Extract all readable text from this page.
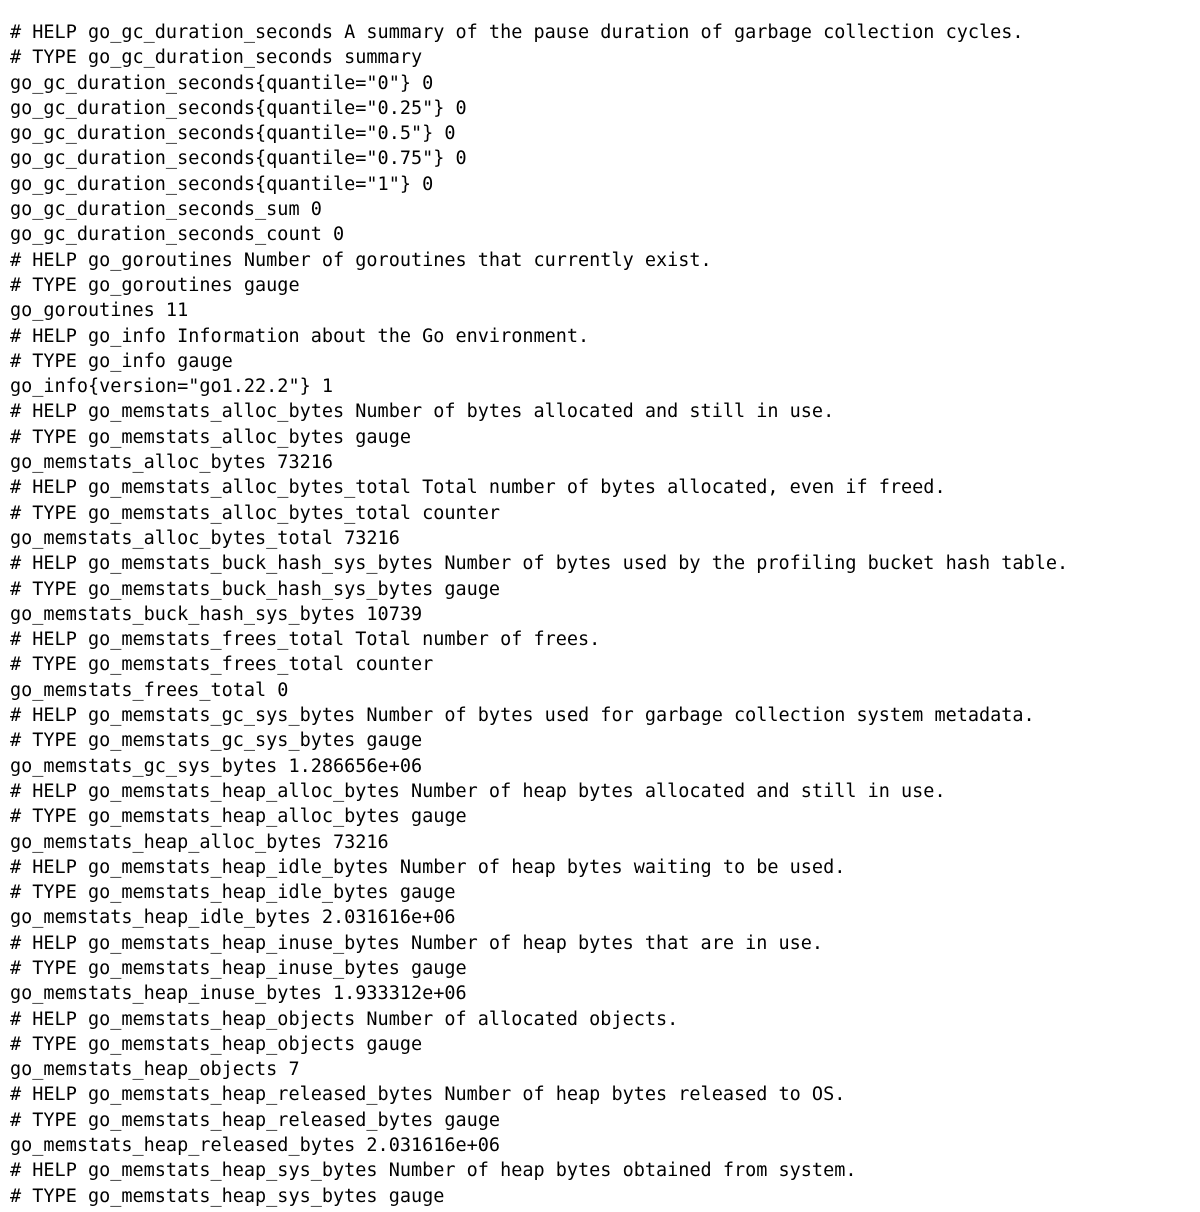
# HELP go_gc_duration_seconds A summary of the pause duration of garbage collection cycles.
# TYPE go_gc_duration_seconds summary
go_gc_duration_seconds{quantile="0"} 0
go_gc_duration_seconds{quantile="0.25"} 0
go_gc_duration_seconds{quantile="0.5"} 0
go_gc_duration_seconds{quantile="0.75"} 0
go_gc_duration_seconds{quantile="1"} 0
go_gc_duration_seconds_sum 0
go_gc_duration_seconds_count 0
# HELP go_goroutines Number of goroutines that currently exist.
# TYPE go_goroutines gauge
go_goroutines 11
# HELP go_info Information about the Go environment.
# TYPE go_info gauge
go_info{version="go1.22.2"} 1
# HELP go_memstats_alloc_bytes Number of bytes allocated and still in use.
# TYPE go_memstats_alloc_bytes gauge
go_memstats_alloc_bytes 73216
# HELP go_memstats_alloc_bytes_total Total number of bytes allocated, even if freed.
# TYPE go_memstats_alloc_bytes_total counter
go_memstats_alloc_bytes_total 73216
# HELP go_memstats_buck_hash_sys_bytes Number of bytes used by the profiling bucket hash table.
# TYPE go_memstats_buck_hash_sys_bytes gauge
go_memstats_buck_hash_sys_bytes 10739
# HELP go_memstats_frees_total Total number of frees.
# TYPE go_memstats_frees_total counter
go_memstats_frees_total 0
# HELP go_memstats_gc_sys_bytes Number of bytes used for garbage collection system metadata.
# TYPE go_memstats_gc_sys_bytes gauge
go_memstats_gc_sys_bytes 1.286656e+06
# HELP go_memstats_heap_alloc_bytes Number of heap bytes allocated and still in use.
# TYPE go_memstats_heap_alloc_bytes gauge
go_memstats_heap_alloc_bytes 73216
# HELP go_memstats_heap_idle_bytes Number of heap bytes waiting to be used.
# TYPE go_memstats_heap_idle_bytes gauge
go_memstats_heap_idle_bytes 2.031616e+06
# HELP go_memstats_heap_inuse_bytes Number of heap bytes that are in use.
# TYPE go_memstats_heap_inuse_bytes gauge
go_memstats_heap_inuse_bytes 1.933312e+06
# HELP go_memstats_heap_objects Number of allocated objects.
# TYPE go_memstats_heap_objects gauge
go_memstats_heap_objects 7
# HELP go_memstats_heap_released_bytes Number of heap bytes released to OS.
# TYPE go_memstats_heap_released_bytes gauge
go_memstats_heap_released_bytes 2.031616e+06
# HELP go_memstats_heap_sys_bytes Number of heap bytes obtained from system.
# TYPE go_memstats_heap_sys_bytes gauge
